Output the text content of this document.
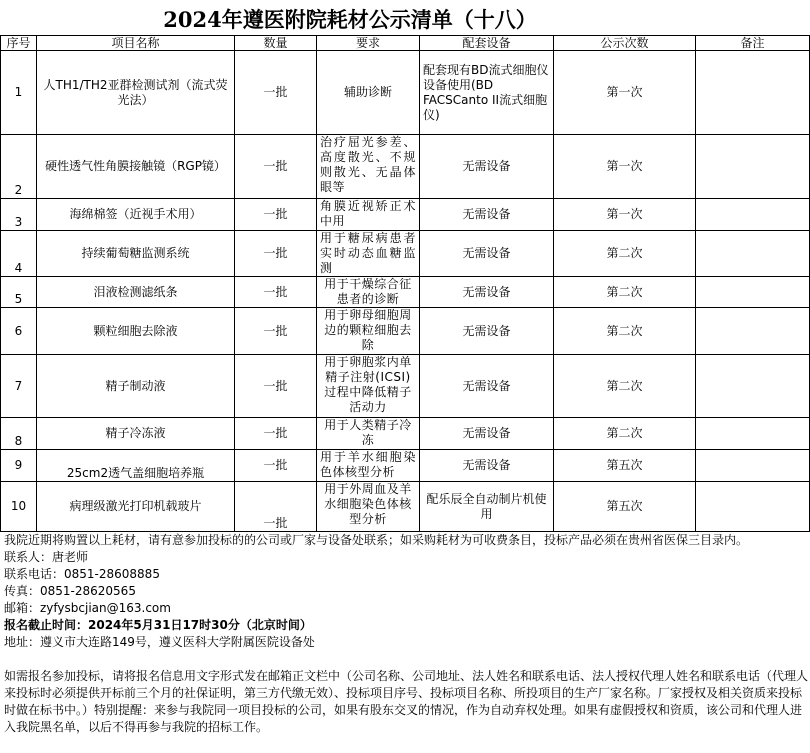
2024年遵医附院耗材公示清单（十八）
序号	项目名称	数量	要求	配套设备	公示次数	备注
1	人TH1/TH2亚群检测试剂（流式荧光法）	一批	辅助诊断	配套现有BD流式细胞仪设备使用(BD FACSCanto II流式细胞仪)	第一次	
2	硬性透气性角膜接触镜（RGP镜）	一批	治疗屈光参差、高度散光、不规则散光、无晶体眼等	无需设备	第一次	
3	海绵棉签（近视手术用）	一批	角膜近视矫正术中用	无需设备	第一次	
4	持续葡萄糖监测系统	一批	用于糖尿病患者实时动态血糖监测	无需设备	第二次	
5	泪液检测滤纸条	一批	用于干燥综合征患者的诊断	无需设备	第二次	
6	颗粒细胞去除液	一批	用于卵母细胞周边的颗粒细胞去除	无需设备	第二次	
7	精子制动液	一批	用于卵胞浆内单精子注射(ICSI)过程中降低精子活动力	无需设备	第二次	
8	精子冷冻液	一批	用于人类精子冷冻	无需设备	第二次	
9	25cm2透气盖细胞培养瓶	一批	用于羊水细胞染色体核型分析	无需设备	第五次	
10	病理级激光打印机载玻片	一批	用于外周血及羊水细胞染色体核型分析	配乐辰全自动制片机使用	第五次	
我院近期将购置以上耗材，请有意参加投标的的公司或厂家与设备处联系；如采购耗材为可收费条目，投标产品必须在贵州省医保三目录内。
联系人：唐老师
联系电话：0851-28608885
传真：0851-28620565
邮箱：zyfysbcjian@163.com
报名截止时间：2024年5月31日17时30分（北京时间）
地址：遵义市大连路149号，遵义医科大学附属医院设备处
如需报名参加投标，请将报名信息用文字形式发在邮箱正文栏中（公司名称、公司地址、法人姓名和联系电话、法人授权代理人姓名和联系电话（代理人来投标时必须提供开标前三个月的社保证明，第三方代缴无效）、投标项目序号、投标项目名称、所投项目的生产厂家名称。厂家授权及相关资质来投标时做在标书中。）特别提醒：来参与我院同一项目投标的公司，如果有股东交叉的情况，作为自动弃权处理。如果有虚假授权和资质，该公司和代理人进入我院黑名单，以后不得再参与我院的招标工作。
